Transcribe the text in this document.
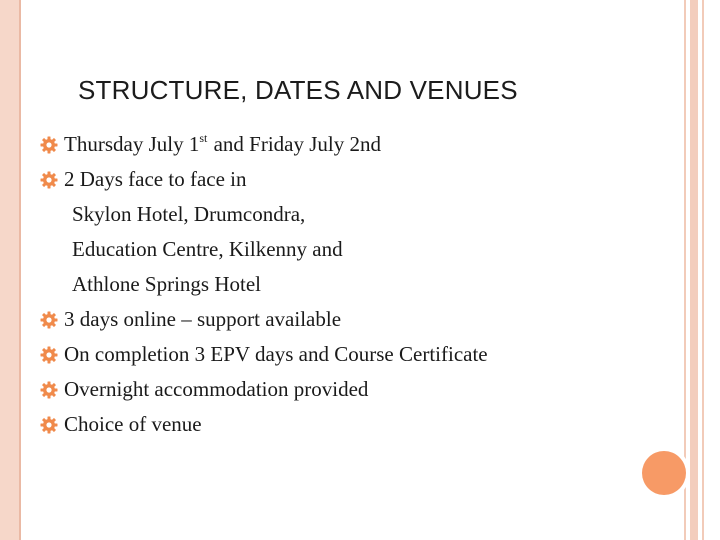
STRUCTURE, DATES AND VENUES
Thursday July 1st and Friday July 2nd
2 Days face to face in
Skylon Hotel, Drumcondra,
Education Centre, Kilkenny and
Athlone Springs Hotel
3 days online – support available
On completion 3 EPV days and Course Certificate
Overnight accommodation provided
Choice of venue
